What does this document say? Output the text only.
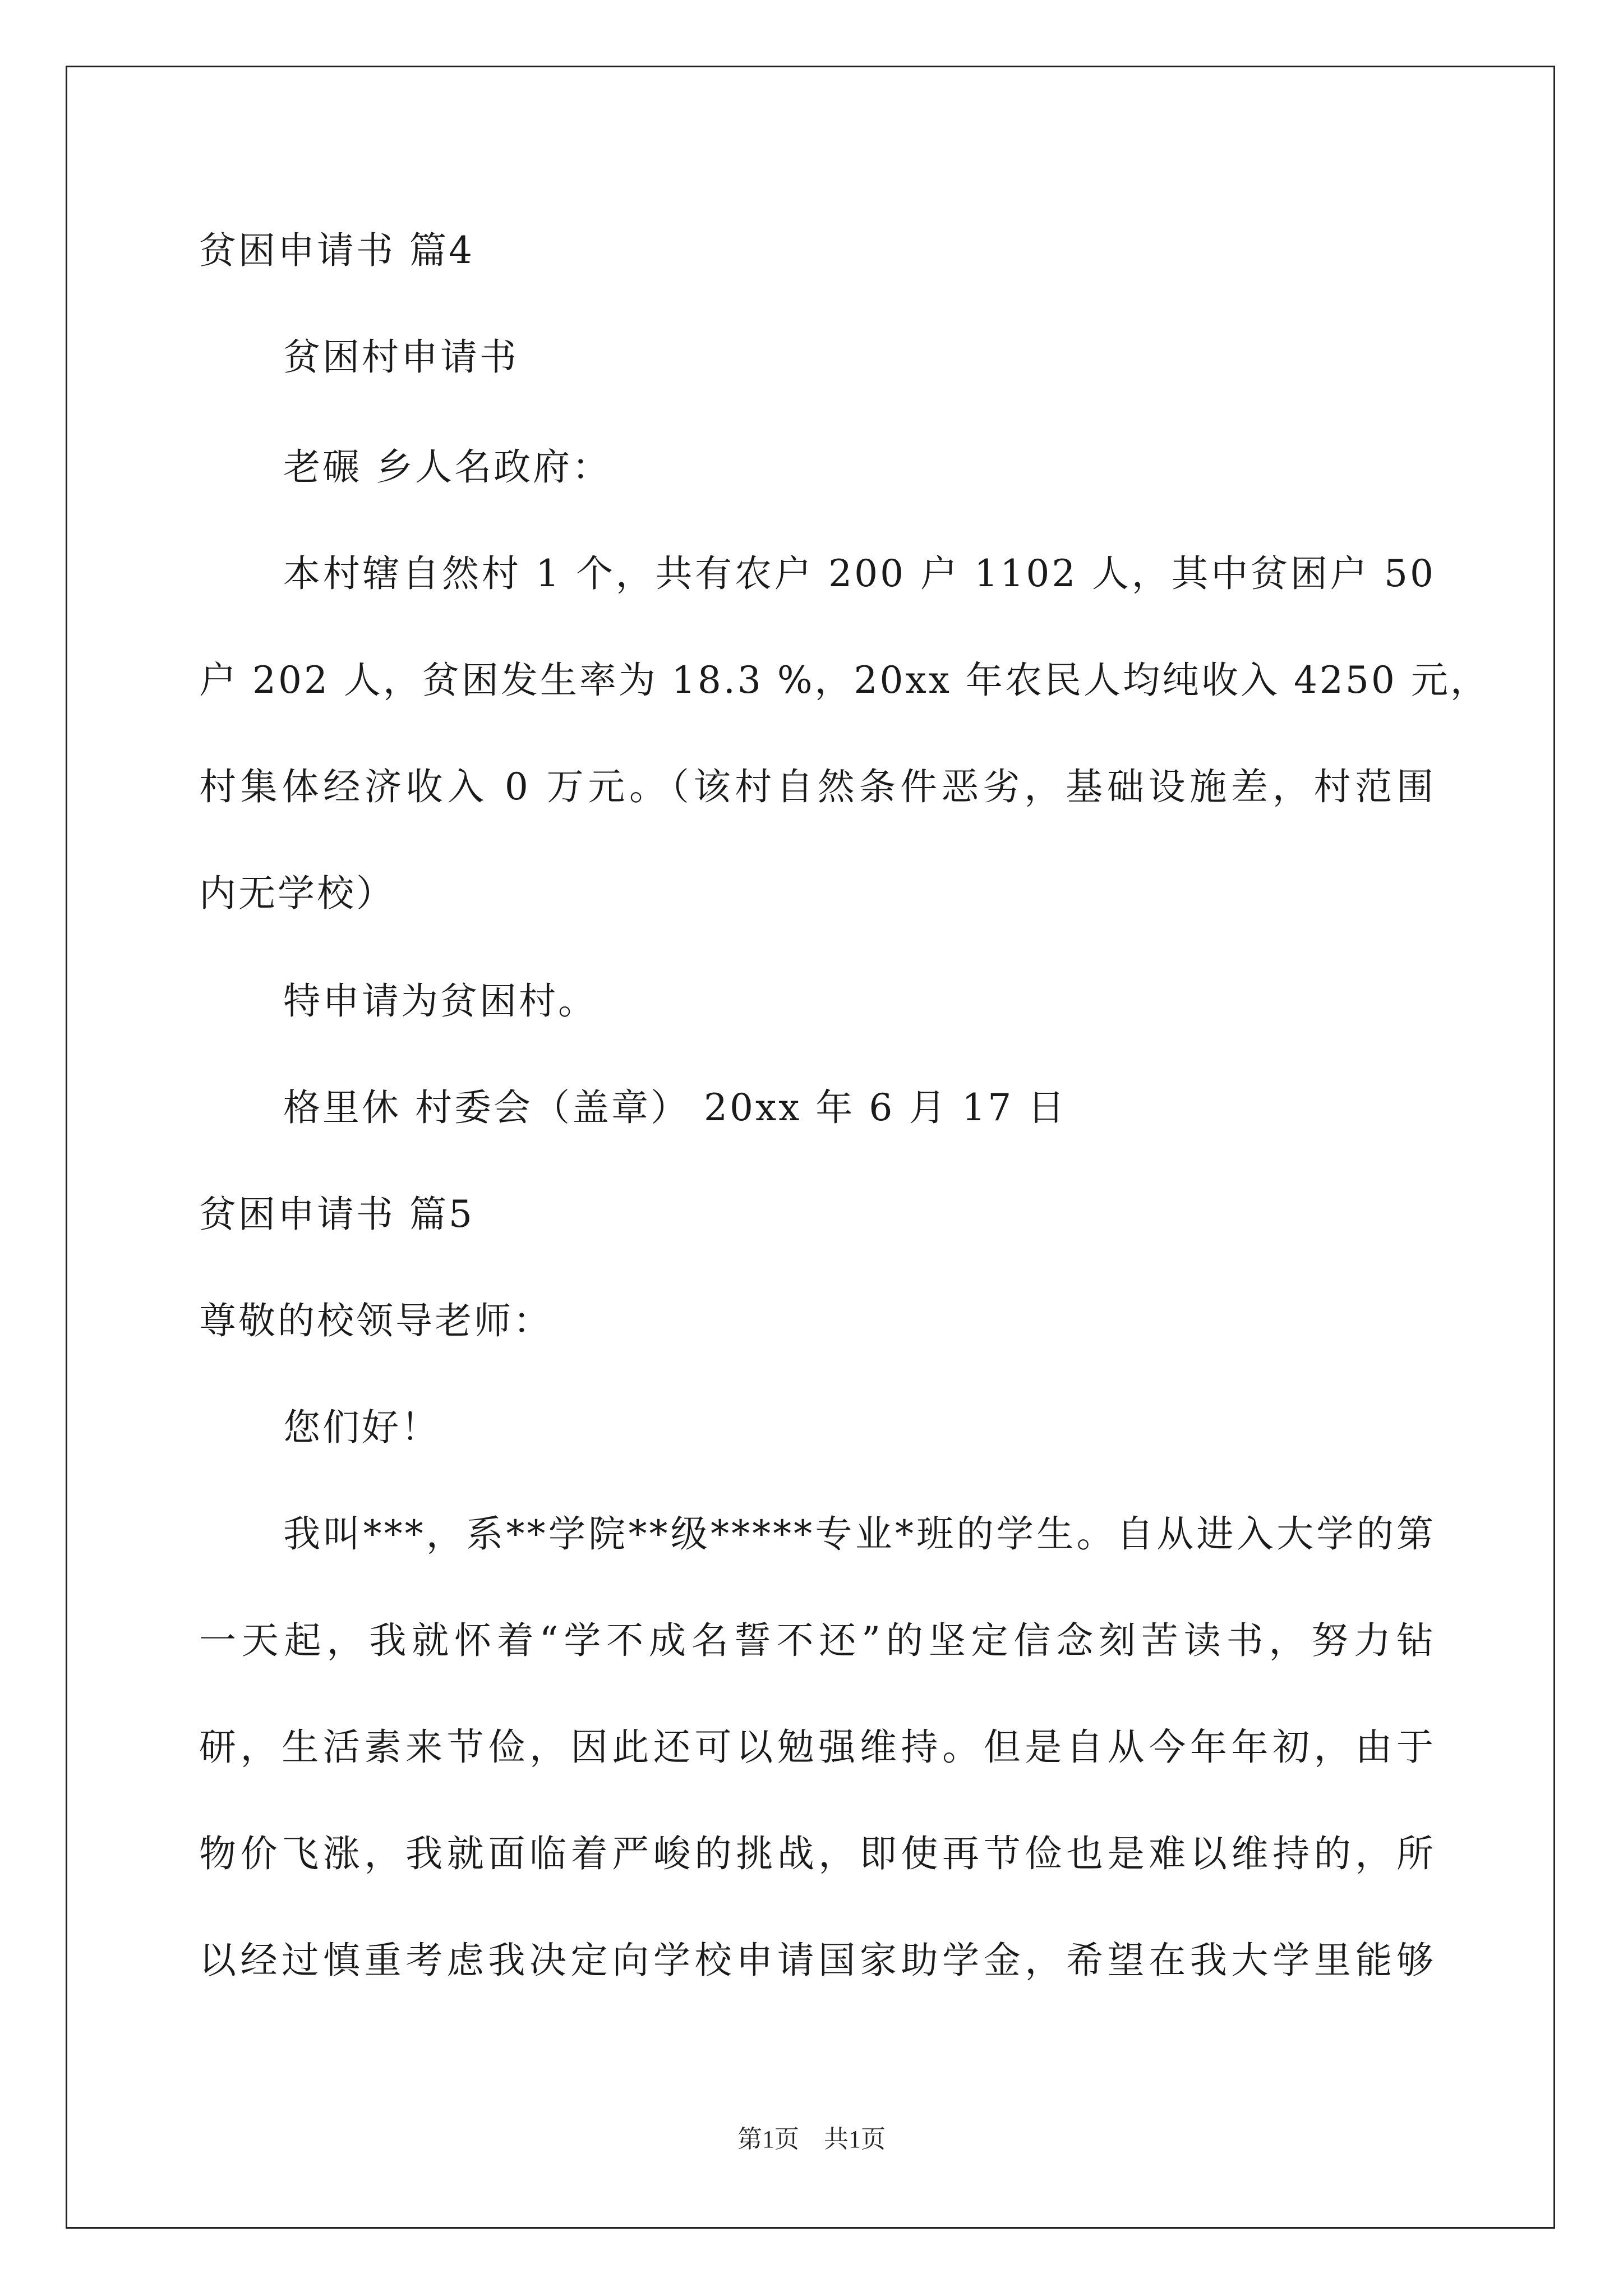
贫困申请书 篇4
贫困村申请书
老碾 乡人名政府：
本村辖自然村 1 个，共有农户 200 户 1102 人，其中贫困户 50
户 202 人，贫困发生率为 18.3 %，20xx 年农民人均纯收入 4250 元，
村集体经济收入 0 万元。（该村自然条件恶劣，基础设施差，村范围
内无学校）
特申请为贫困村。
格里休 村委会（盖章） 20xx 年 6 月 17 日
贫困申请书 篇5
尊敬的校领导老师：
您们好！
我叫***，系**学院**级*****专业*班的学生。自从进入大学的第
一天起，我就怀着“学不成名誓不还”的坚定信念刻苦读书，努力钻
研，生活素来节俭，因此还可以勉强维持。但是自从今年年初，由于
物价飞涨，我就面临着严峻的挑战，即使再节俭也是难以维持的，所
以经过慎重考虑我决定向学校申请国家助学金，希望在我大学里能够
第1页　共1页
